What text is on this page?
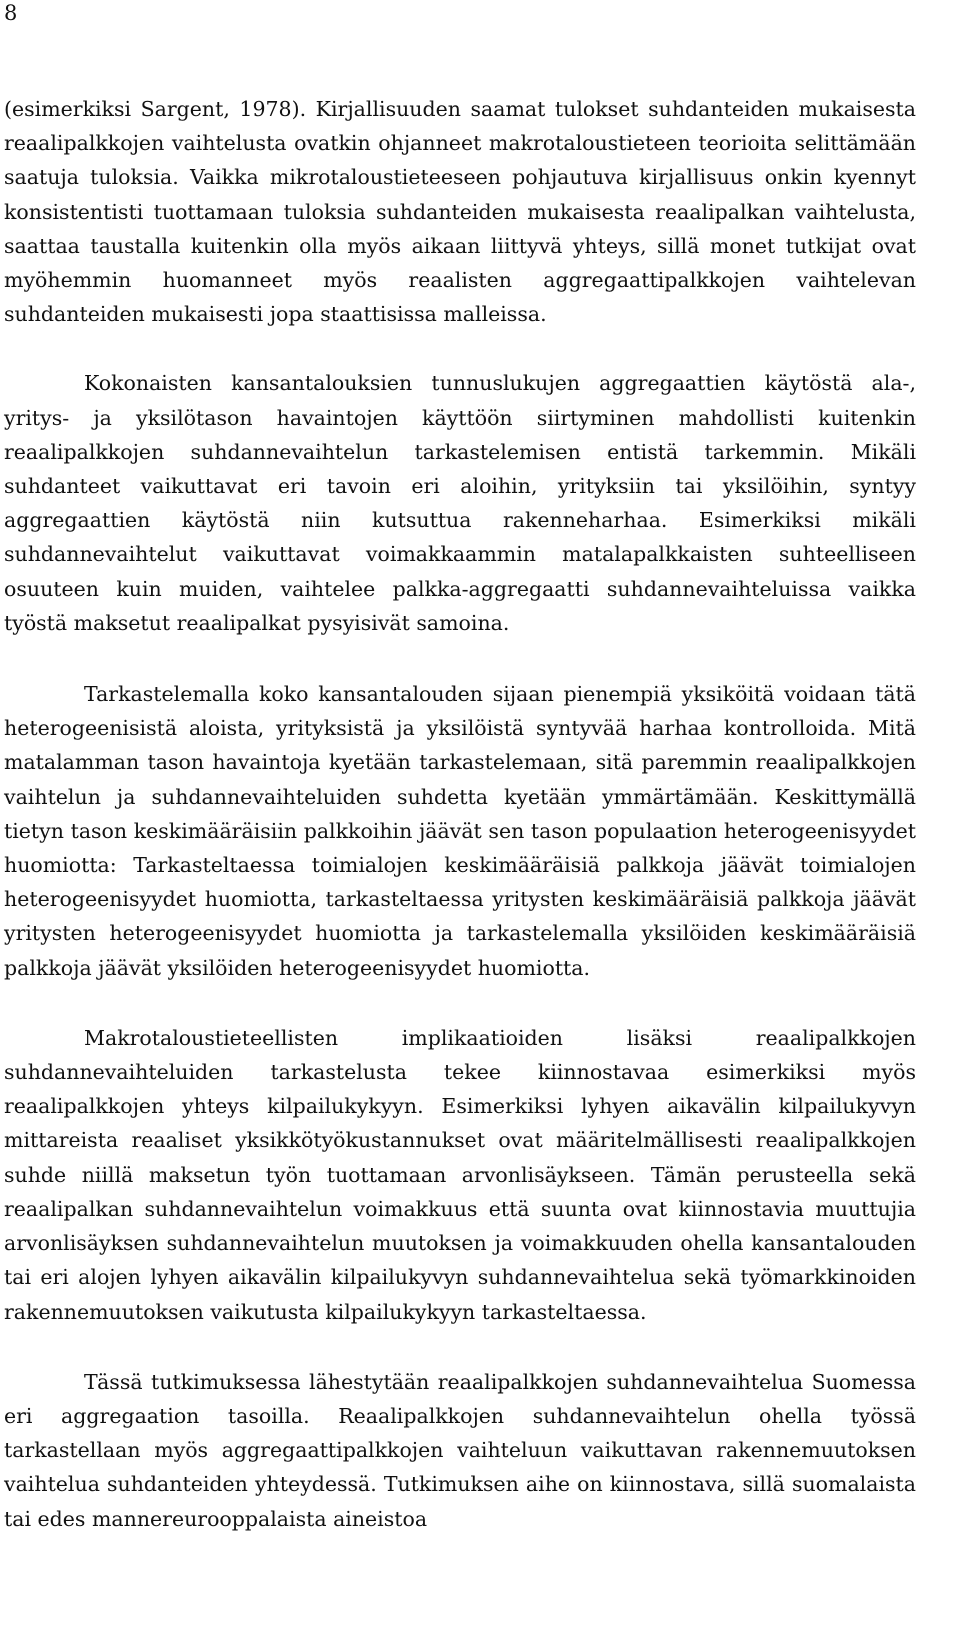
8

(esimerkiksi Sargent, 1978). Kirjallisuuden saamat tulokset suhdanteiden mukaisesta reaalipalkkojen vaihtelusta ovatkin ohjanneet makrotaloustieteen teorioita selittämään saatuja tuloksia. Vaikka mikrotaloustieteeseen pohjautuva kirjallisuus onkin kyennyt konsistentisti tuottamaan tuloksia suhdanteiden mukaisesta reaalipalkan vaihtelusta, saattaa taustalla kuitenkin olla myös aikaan liittyvä yhteys, sillä monet tutkijat ovat myöhemmin huomanneet myös reaalisten aggregaattipalkkojen vaihtelevan suhdanteiden mukaisesti jopa staattisissa malleissa.

Kokonaisten kansantalouksien tunnuslukujen aggregaattien käytöstä ala-, yritys- ja yksilötason havaintojen käyttöön siirtyminen mahdollisti kuitenkin reaalipalkkojen suhdannevaihtelun tarkastelemisen entistä tarkemmin. Mikäli suhdanteet vaikuttavat eri tavoin eri aloihin, yrityksiin tai yksilöihin, syntyy aggregaattien käytöstä niin kutsuttua rakenneharhaa. Esimerkiksi mikäli suhdannevaihtelut vaikuttavat voimakkaammin matalapalkkaisten suhteelliseen osuuteen kuin muiden, vaihtelee palkka-aggregaatti suhdannevaihteluissa vaikka työstä maksetut reaalipalkat pysyisivät samoina.

Tarkastelemalla koko kansantalouden sijaan pienempiä yksiköitä voidaan tätä heterogeenisistä aloista, yrityksistä ja yksilöistä syntyvää harhaa kontrolloida. Mitä matalamman tason havaintoja kyetään tarkastelemaan, sitä paremmin reaalipalkkojen vaihtelun ja suhdannevaihteluiden suhdetta kyetään ymmärtämään. Keskittymällä tietyn tason keskimääräisiin palkkoihin jäävät sen tason populaation heterogeenisyydet huomiotta: Tarkasteltaessa toimialojen keskimääräisiä palkkoja jäävät toimialojen heterogeenisyydet huomiotta, tarkasteltaessa yritysten keskimääräisiä palkkoja jäävät yritysten heterogeenisyydet huomiotta ja tarkastelemalla yksilöiden keskimääräisiä palkkoja jäävät yksilöiden heterogeenisyydet huomiotta.

Makrotaloustieteellisten implikaatioiden lisäksi reaalipalkkojen suhdannevaihteluiden tarkastelusta tekee kiinnostavaa esimerkiksi myös reaalipalkkojen yhteys kilpailukykyyn. Esimerkiksi lyhyen aikavälin kilpailukyvyn mittareista reaaliset yksikkötyökustannukset ovat määritelmällisesti reaalipalkkojen suhde niillä maksetun työn tuottamaan arvonlisäykseen. Tämän perusteella sekä reaalipalkan suhdannevaihtelun voimakkuus että suunta ovat kiinnostavia muuttujia arvonlisäyksen suhdannevaihtelun muutoksen ja voimakkuuden ohella kansantalouden tai eri alojen lyhyen aikavälin kilpailukyvyn suhdannevaihtelua sekä työmarkkinoiden rakennemuutoksen vaikutusta kilpailukykyyn tarkasteltaessa.

Tässä tutkimuksessa lähestytään reaalipalkkojen suhdannevaihtelua Suomessa eri aggregaation tasoilla. Reaalipalkkojen suhdannevaihtelun ohella työssä tarkastellaan myös aggregaattipalkkojen vaihteluun vaikuttavan rakennemuutoksen vaihtelua suhdanteiden yhteydessä. Tutkimuksen aihe on kiinnostava, sillä suomalaista tai edes mannereurooppalaista aineistoa
